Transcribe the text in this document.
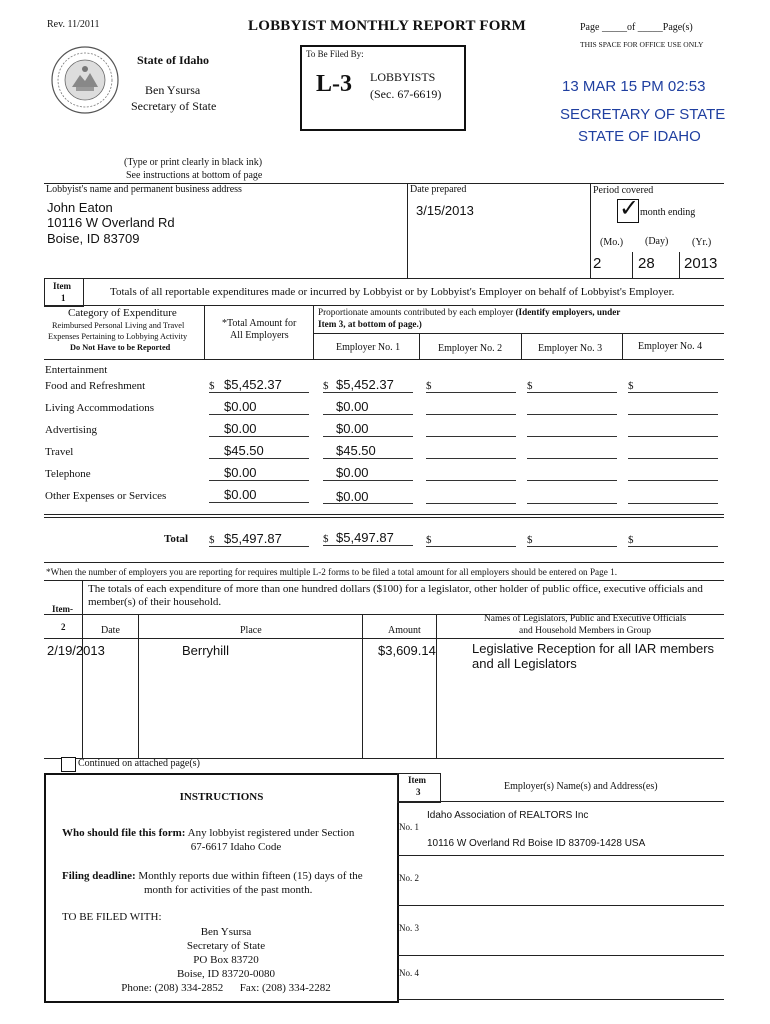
Rev. 11/2011	LOBBYIST MONTHLY REPORT FORM	Page _____of _____Page(s)
THIS SPACE FOR OFFICE USE ONLY
State of Idaho
Ben Ysursa
Secretary of State
To Be Filed By:
L-3 LOBBYISTS
(Sec. 67-6619)	13 MAR 15 PM 02:53
SECRETARY OF STATE
STATE OF IDAHO
(Type or print clearly in black ink)
See instructions at bottom of page
Lobbyist's name and permanent business address	Date prepared	Period covered
John Eaton
10116 W Overland Rd
Boise, ID 83709
3/15/2013	✓ month ending
(Mo.) (Day) (Yr.)
2 28 2013
Item
1	Totals of all reportable expenditures made or incurred by Lobbyist or by Lobbyist's Employer on behalf of Lobbyist's Employer.
Category of Expenditure
Reimbursed Personal Living and Travel
Expenses Pertaining to Lobbying Activity
Do Not Have to be Reported
*Total Amount for
All Employers
Proportionate amounts contributed by each employer (Identify employers, under
Item 3, at bottom of page.)
Employer No. 1	Employer No. 2	Employer No. 3	Employer No. 4
Entertainment
Food and Refreshment	$ $5,452.37	$ $5,452.37	$	$	$
Living Accommodations	$0.00	$0.00
Advertising	$0.00	$0.00
Travel	$45.50	$45.50
Telephone	$0.00	$0.00
Other Expenses or Services	$0.00	$0.00
Total $ $5,497.87	$ $5,497.87	$	$	$
*When the number of employers you are reporting for requires multiple L-2 forms to be filed a total amount for all employers should be entered on Page 1.
Item-
The totals of each expenditure of more than one hundred dollars ($100) for a legislator, other holder of public office, executive officials and
member(s) of their household.
2	Date	Place	Amount
Names of Legislators, Public and Executive Officials
and Household Members in Group
2/19/2013	Berryhill	$3,609.14	Legislative Reception for all IAR members
and all Legislators
Continued on attached page(s)
INSTRUCTIONS
Who should file this form: Any lobbyist registered under Section
67-6617 Idaho Code
Filing deadline: Monthly reports due within fifteen (15) days of the
month for activities of the past month.
TO BE FILED WITH:
Ben Ysursa
Secretary of State
PO Box 83720
Boise, ID 83720-0080
Phone: (208) 334-2852      Fax: (208) 334-2282
Item
3	Employer(s) Name(s) and Address(es)
No. 1
Idaho Association of REALTORS Inc
10116 W Overland Rd Boise ID 83709-1428 USA
No. 2
No. 3
No. 4
